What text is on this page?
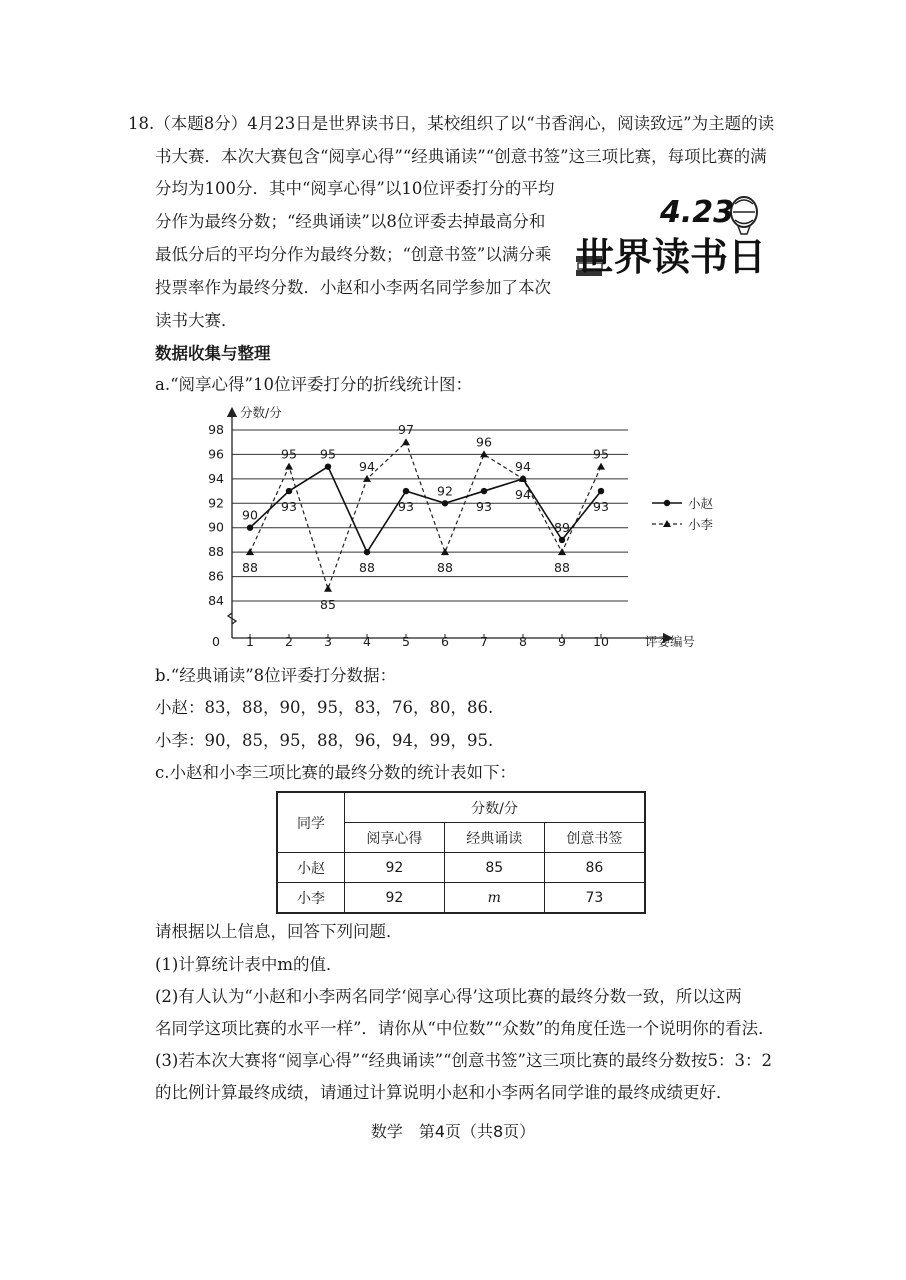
18.（本题8分）4月23日是世界读书日，某校组织了以“书香润心，阅读致远”为主题的读
书大赛．本次大赛包含“阅享心得”“经典诵读”“创意书签”这三项比赛，每项比赛的满
分均为100分．其中“阅享心得”以10位评委打分的平均
分作为最终分数；“经典诵读”以8位评委去掉最高分和
最低分后的平均分作为最终分数；“创意书签”以满分乘
投票率作为最终分数．小赵和小李两名同学参加了本次
读书大赛．
4.23
世界读书日
数据收集与整理
a.“阅享心得”10位评委打分的折线统计图：
84
86
88
90
92
94
96
98
分数/分
评委编号
0 1 2 3 4 5 6 7 8 9 10
90
93
95
88
93
92
93
94
89
93
88
95
85
94
97
88
96
94
88
95
小赵
小李
b.“经典诵读”8位评委打分数据：
小赵：83，88，90，95，83，76，80，86.
小李：90，85，95，88，96，94，99，95.
c.小赵和小李三项比赛的最终分数的统计表如下：
同学	分数/分		
	阅享心得	经典诵读	创意书签
小赵	92	85	86
小李	92	m	73
请根据以上信息，回答下列问题．
(1)计算统计表中m的值．
(2)有人认为“小赵和小李两名同学‘阅享心得’这项比赛的最终分数一致，所以这两
名同学这项比赛的水平一样”．请你从“中位数”“众数”的角度任选一个说明你的看法．
(3)若本次大赛将“阅享心得”“经典诵读”“创意书签”这三项比赛的最终分数按5：3：2
的比例计算最终成绩，请通过计算说明小赵和小李两名同学谁的最终成绩更好．
数学　第4页（共8页）
